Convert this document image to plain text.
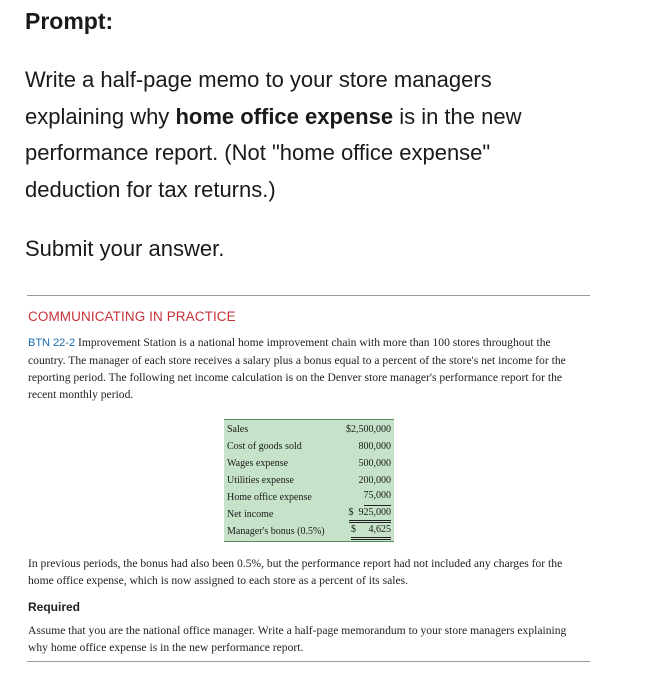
Prompt:
Write a half-page memo to your store managers
explaining why home office expense is in the new
performance report. (Not "home office expense"
deduction for tax returns.)
Submit your answer.
COMMUNICATING IN PRACTICE
BTN 22-2 Improvement Station is a national home improvement chain with more than 100 stores throughout the country. The manager of each store receives a salary plus a bonus equal to a percent of the store's net income for the reporting period. The following net income calculation is on the Denver store manager's performance report for the recent monthly period.
Sales	$2,500,000
Cost of goods sold	800,000
Wages expense	500,000
Utilities expense	200,000
Home office expense	75,000
Net income	$  925,000
Manager's bonus (0.5%)	$     4,625
In previous periods, the bonus had also been 0.5%, but the performance report had not included any charges for the home office expense, which is now assigned to each store as a percent of its sales.
Required
Assume that you are the national office manager. Write a half-page memorandum to your store managers explaining why home office expense is in the new performance report.
